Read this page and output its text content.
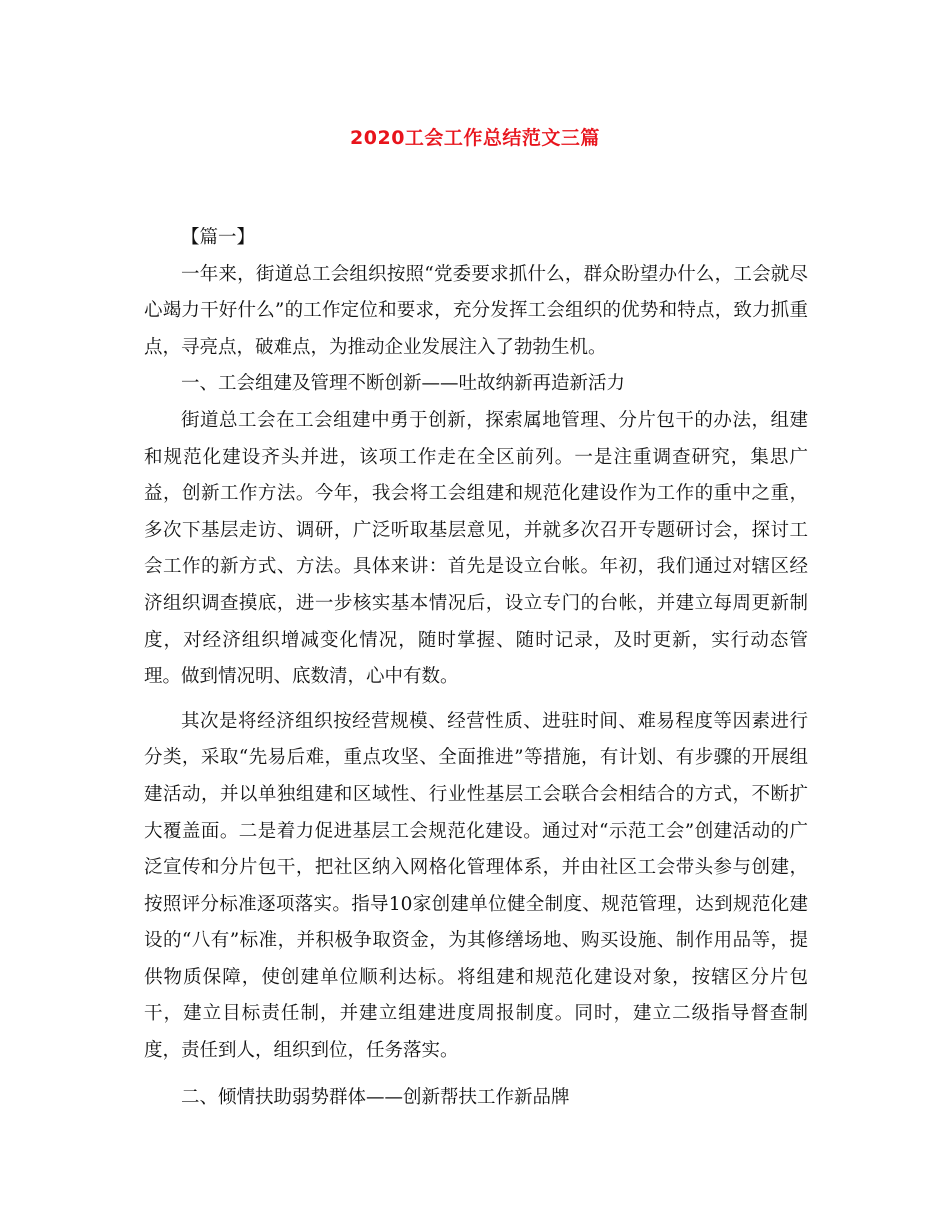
2020工会工作总结范文三篇

【篇一】

一年来，街道总工会组织按照“党委要求抓什么，群众盼望办什么，工会就尽心竭力干好什么”的工作定位和要求，充分发挥工会组织的优势和特点，致力抓重点，寻亮点，破难点，为推动企业发展注入了勃勃生机。

一、工会组建及管理不断创新——吐故纳新再造新活力

街道总工会在工会组建中勇于创新，探索属地管理、分片包干的办法，组建和规范化建设齐头并进，该项工作走在全区前列。一是注重调查研究，集思广益，创新工作方法。今年，我会将工会组建和规范化建设作为工作的重中之重，多次下基层走访、调研，广泛听取基层意见，并就多次召开专题研讨会，探讨工会工作的新方式、方法。具体来讲：首先是设立台帐。年初，我们通过对辖区经济组织调查摸底，进一步核实基本情况后，设立专门的台帐，并建立每周更新制度，对经济组织增减变化情况，随时掌握、随时记录，及时更新，实行动态管理。做到情况明、底数清，心中有数。

其次是将经济组织按经营规模、经营性质、进驻时间、难易程度等因素进行分类，采取“先易后难，重点攻坚、全面推进”等措施，有计划、有步骤的开展组建活动，并以单独组建和区域性、行业性基层工会联合会相结合的方式，不断扩大覆盖面。二是着力促进基层工会规范化建设。通过对“示范工会”创建活动的广泛宣传和分片包干，把社区纳入网格化管理体系，并由社区工会带头参与创建，按照评分标准逐项落实。指导10家创建单位健全制度、规范管理，达到规范化建设的“八有”标准，并积极争取资金，为其修缮场地、购买设施、制作用品等，提供物质保障，使创建单位顺利达标。将组建和规范化建设对象，按辖区分片包干，建立目标责任制，并建立组建进度周报制度。同时，建立二级指导督查制度，责任到人，组织到位，任务落实。

二、倾情扶助弱势群体——创新帮扶工作新品牌
